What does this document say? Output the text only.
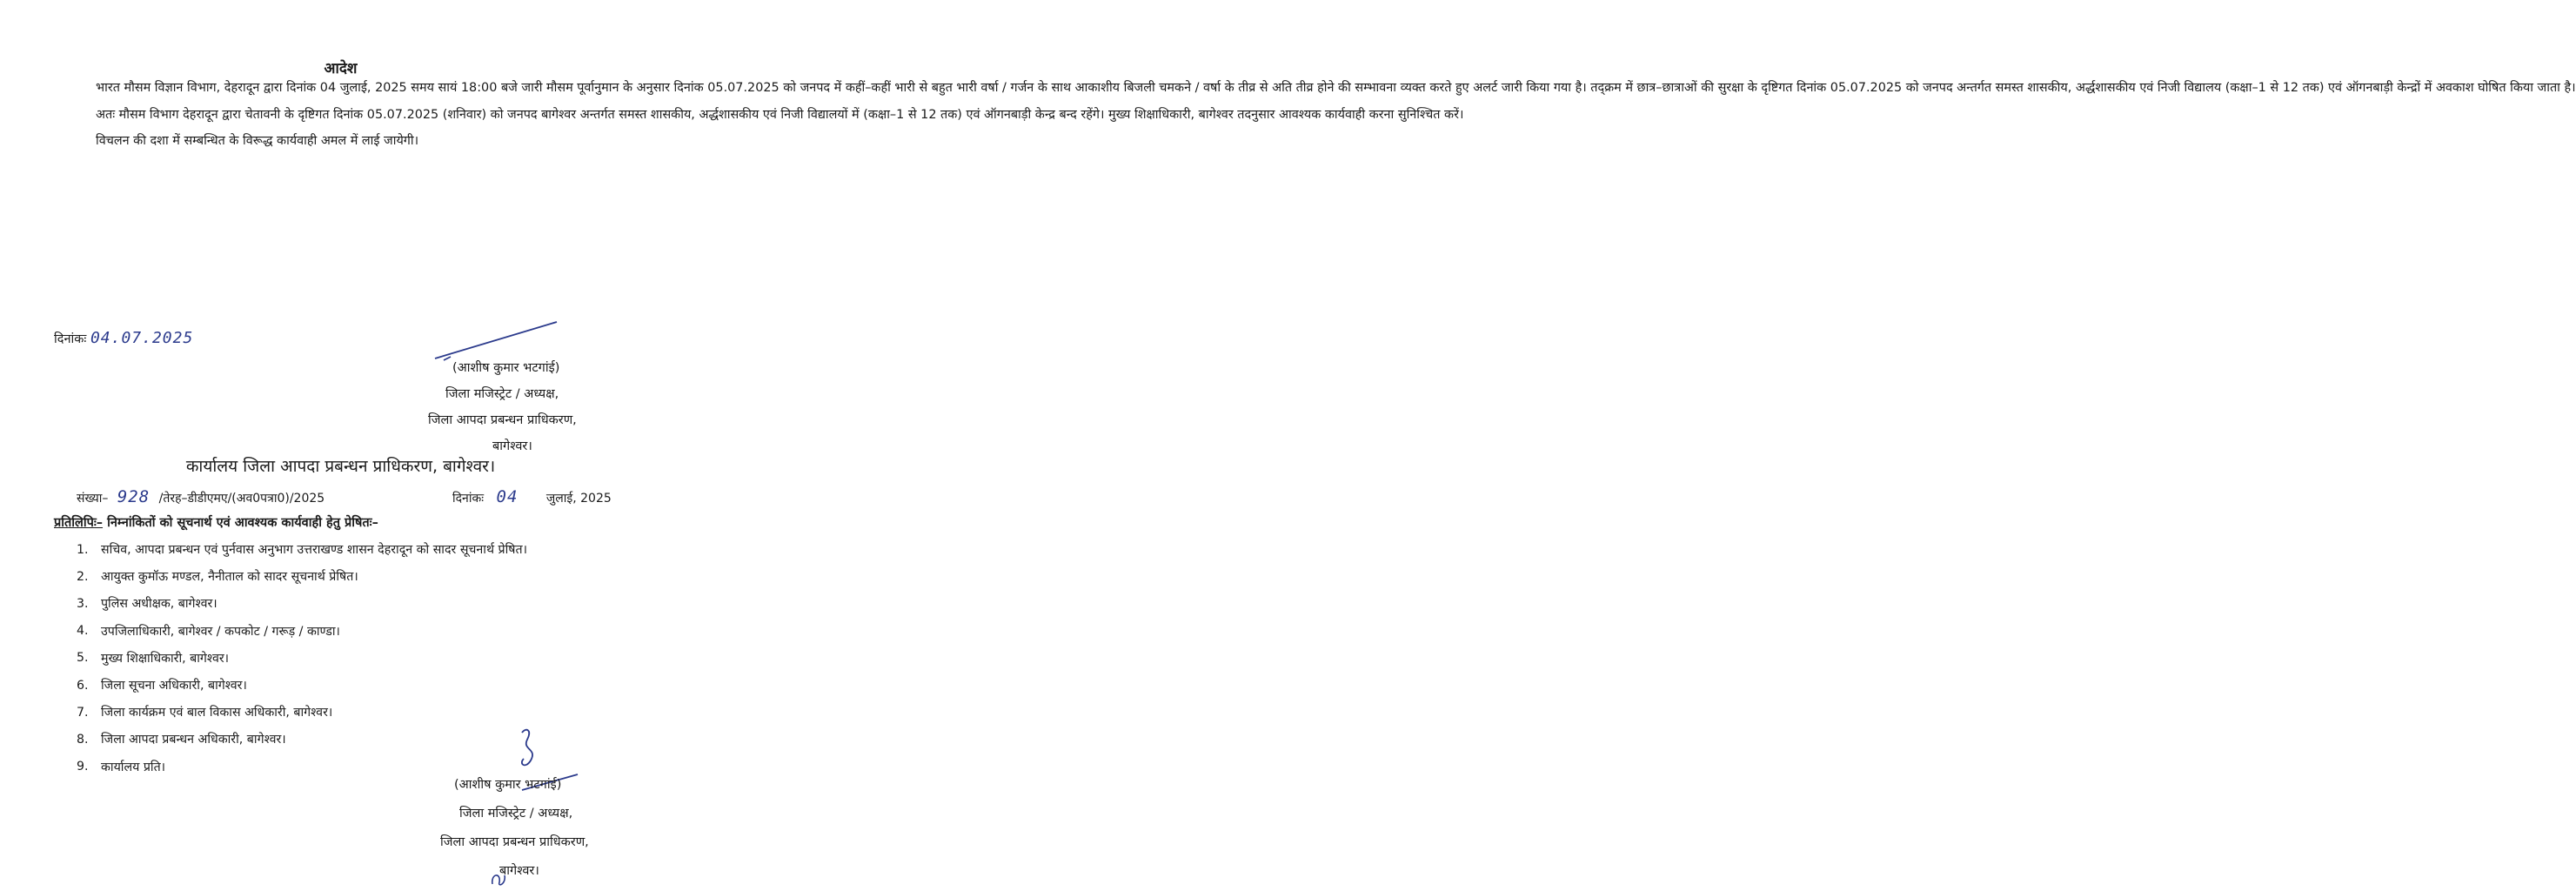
आदेश

भारत मौसम विज्ञान विभाग, देहरादून द्वारा दिनांक 04 जुलाई, 2025 समय सायं 18:00 बजे जारी मौसम पूर्वानुमान के अनुसार दिनांक 05.07.2025 को जनपद में कहीं–कहीं भारी से बहुत भारी वर्षा / गर्जन के साथ आकाशीय बिजली चमकने / वर्षा के तीव्र से अति तीव्र होने की सम्भावना व्यक्त करते हुए अलर्ट जारी किया गया है। तद्क्रम में छात्र–छात्राओं की सुरक्षा के दृष्टिगत दिनांक 05.07.2025 को जनपद अन्तर्गत समस्त शासकीय, अर्द्धशासकीय एवं निजी विद्यालय (कक्षा–1 से 12 तक) एवं ऑगनबाड़ी केन्द्रों में अवकाश घोषित किया जाता है।

अतः मौसम विभाग देहरादून द्वारा चेतावनी के दृष्टिगत दिनांक 05.07.2025 (शनिवार) को जनपद बागेश्वर अन्तर्गत समस्त शासकीय, अर्द्धशासकीय एवं निजी विद्यालयों में (कक्षा–1 से 12 तक) एवं ऑगनबाड़ी केन्द्र बन्द रहेंगे। मुख्य शिक्षाधिकारी, बागेश्वर तदनुसार आवश्यक कार्यवाही करना सुनिश्चित करें।

विचलन की दशा में सम्बन्धित के विरूद्ध कार्यवाही अमल में लाई जायेगी।

दिनांकः 04.07.2025
(आशीष कुमार भटगांई)
जिला मजिस्ट्रेट / अध्यक्ष,
जिला आपदा प्रबन्धन प्राधिकरण,
बागेश्वर।
कार्यालय जिला आपदा प्रबन्धन प्राधिकरण, बागेश्वर।
संख्या– 928 /तेरह–डीडीएमए/(अव0पत्रा0)/2025	दिनांकः 04 जुलाई, 2025
प्रतिलिपिः– निम्नांकितों को सूचनार्थ एवं आवश्यक कार्यवाही हेतु प्रेषितः–
1.	सचिव, आपदा प्रबन्धन एवं पुर्नवास अनुभाग उत्तराखण्ड शासन देहरादून को सादर सूचनार्थ प्रेषित।
2.	आयुक्त कुमॉऊ मण्डल, नैनीताल को सादर सूचनार्थ प्रेषित।
3.	पुलिस अधीक्षक, बागेश्वर।
4.	उपजिलाधिकारी, बागेश्वर / कपकोट / गरूड़ / काण्डा।
5.	मुख्य शिक्षाधिकारी, बागेश्वर।
6.	जिला सूचना अधिकारी, बागेश्वर।
7.	जिला कार्यक्रम एवं बाल विकास अधिकारी, बागेश्वर।
8.	जिला आपदा प्रबन्धन अधिकारी, बागेश्वर।
9.	कार्यालय प्रति।
(आशीष कुमार भटगांई)
जिला मजिस्ट्रेट / अध्यक्ष,
जिला आपदा प्रबन्धन प्राधिकरण,
बागेश्वर।
